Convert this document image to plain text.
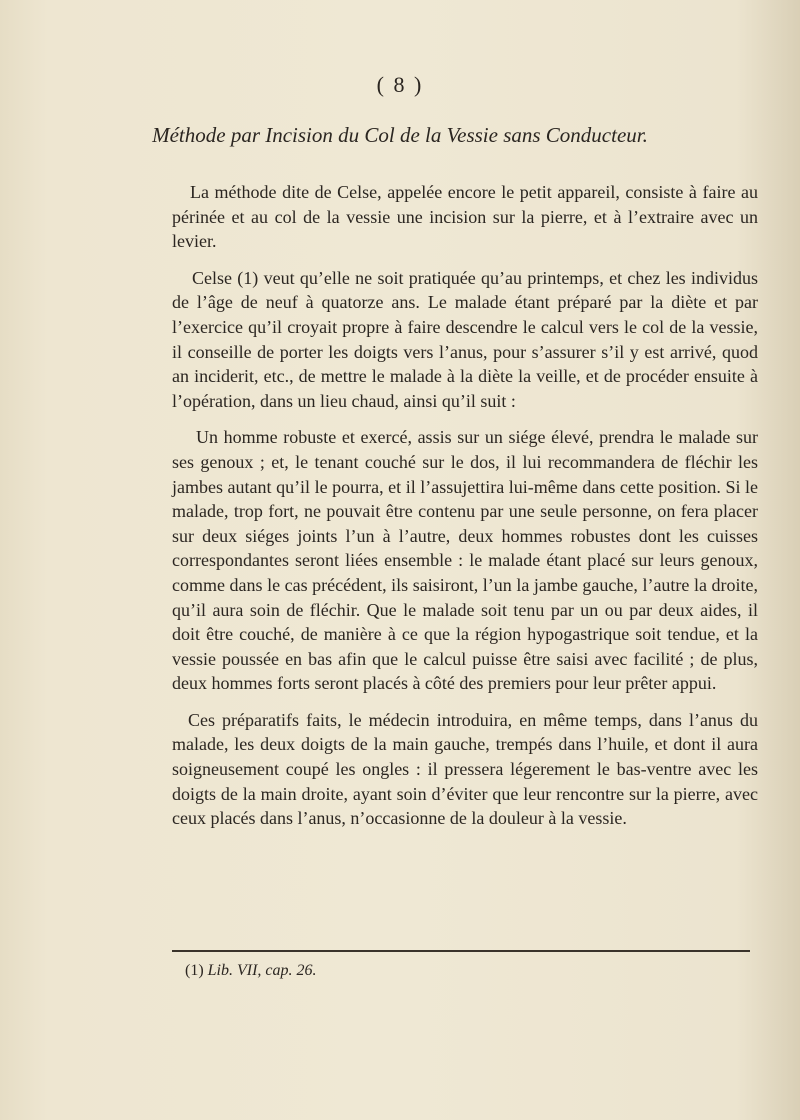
( 8 )
Méthode par Incision du Col de la Vessie sans Conducteur.

La méthode dite de Celse, appelée encore le petit appareil, consiste à faire au périnée et au col de la vessie une incision sur la pierre, et à l’extraire avec un levier.

Celse (1) veut qu’elle ne soit pratiquée qu’au printemps, et chez les individus de l’âge de neuf à quatorze ans. Le malade étant préparé par la diète et par l’exercice qu’il croyait propre à faire descendre le calcul vers le col de la vessie, il conseille de porter les doigts vers l’anus, pour s’assurer s’il y est arrivé, quod an inciderit, etc., de mettre le malade à la diète la veille, et de procéder ensuite à l’opération, dans un lieu chaud, ainsi qu’il suit :

Un homme robuste et exercé, assis sur un siége élevé, prendra le malade sur ses genoux ; et, le tenant couché sur le dos, il lui recommandera de fléchir les jambes autant qu’il le pourra, et il l’assujettira lui-même dans cette position. Si le malade, trop fort, ne pouvait être contenu par une seule personne, on fera placer sur deux siéges joints l’un à l’autre, deux hommes robustes dont les cuisses correspondantes seront liées ensemble : le malade étant placé sur leurs genoux, comme dans le cas précédent, ils saisiront, l’un la jambe gauche, l’autre la droite, qu’il aura soin de fléchir. Que le malade soit tenu par un ou par deux aides, il doit être couché, de manière à ce que la région hypogastrique soit tendue, et la vessie poussée en bas afin que le calcul puisse être saisi avec facilité ; de plus, deux hommes forts seront placés à côté des premiers pour leur prêter appui.

Ces préparatifs faits, le médecin introduira, en même temps, dans l’anus du malade, les deux doigts de la main gauche, trempés dans l’huile, et dont il aura soigneusement coupé les ongles : il pressera légerement le bas-ventre avec les doigts de la main droite, ayant soin d’éviter que leur rencontre sur la pierre, avec ceux placés dans l’anus, n’occasionne de la douleur à la vessie.

(1) Lib. VII, cap. 26.
